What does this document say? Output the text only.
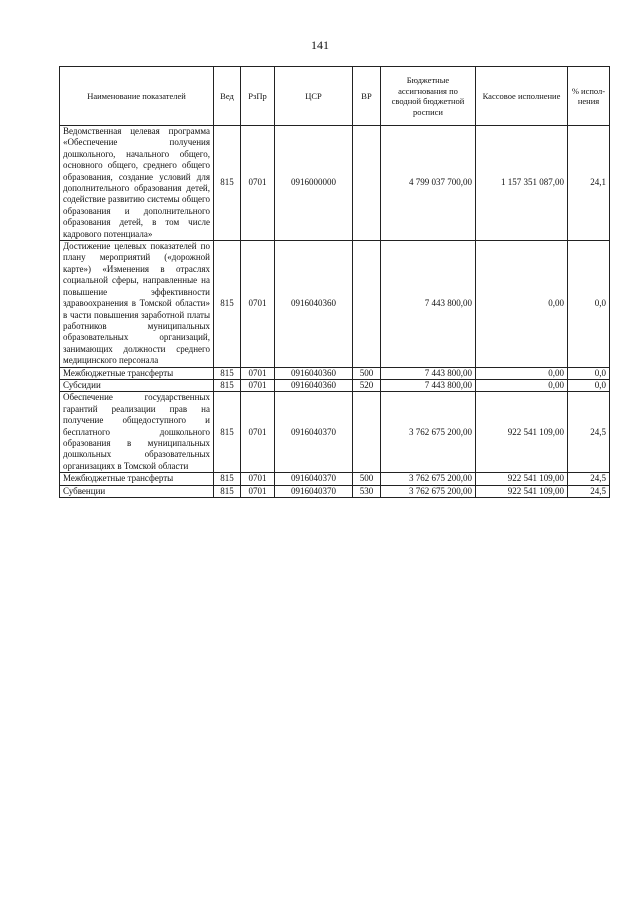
141
Наименование показателей	Вед	РзПр	ЦСР	ВР	Бюджетные ассигнования по сводной бюджетной росписи	Кассовое исполнение	% испол-нения
Ведомственная целевая программа «Обеспечение получения дошкольного, начального общего, основного общего, среднего общего образования, создание условий для дополнительного образования детей, содействие развитию системы общего образования и дополнительного образования детей, в том числе кадрового потенциала»	815	0701	0916000000		4 799 037 700,00	1 157 351 087,00	24,1
Достижение целевых показателей по плану мероприятий («дорожной карте») «Изменения в отраслях социальной сферы, направленные на повышение эффективности здравоохранения в Томской области» в части повышения заработной платы работников муниципальных образовательных организаций, занимающих должности среднего медицинского персонала	815	0701	0916040360		7 443 800,00	0,00	0,0
Межбюджетные трансферты	815	0701	0916040360	500	7 443 800,00	0,00	0,0
Субсидии	815	0701	0916040360	520	7 443 800,00	0,00	0,0
Обеспечение государственных гарантий реализации прав на получение общедоступного и бесплатного дошкольного образования в муниципальных дошкольных образовательных организациях в Томской области	815	0701	0916040370		3 762 675 200,00	922 541 109,00	24,5
Межбюджетные трансферты	815	0701	0916040370	500	3 762 675 200,00	922 541 109,00	24,5
Субвенции	815	0701	0916040370	530	3 762 675 200,00	922 541 109,00	24,5
